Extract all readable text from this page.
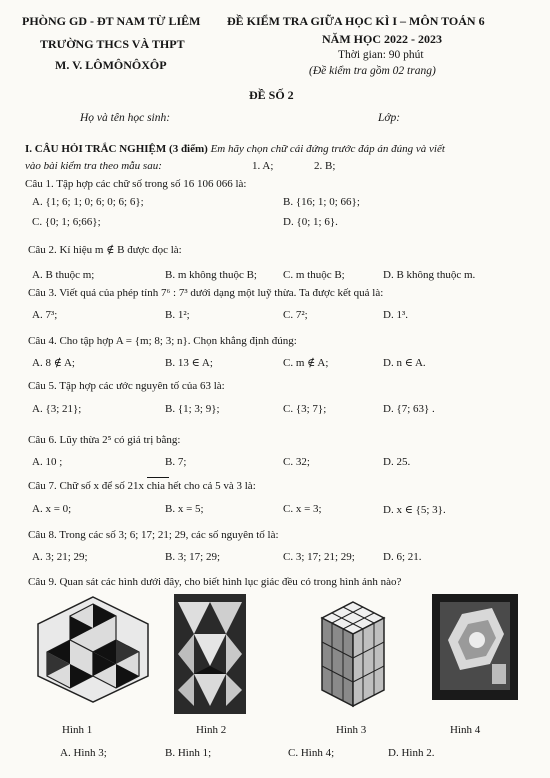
PHÒNG GD - ĐT NAM TỪ LIÊM
TRƯỜNG THCS VÀ THPT
M. V. LÔMÔNÔXÔP
ĐỀ KIỂM TRA GIỮA HỌC KÌ I – MÔN TOÁN 6
NĂM HỌC 2022 - 2023
Thời gian: 90 phút
(Đề kiểm tra gồm 02 trang)
ĐỀ SỐ 2
Họ và tên học sinh:	Lớp:
I. CÂU HỎI TRẮC NGHIỆM (3 điểm) Em hãy chọn chữ cái đứng trước đáp án đúng và viết
vào bài kiểm tra theo mẫu sau:	1. A;	2. B;
Câu 1. Tập hợp các chữ số trong số 16 106 066 là:
A. {1; 6; 1; 0; 6; 0; 6; 6};	B. {16; 1; 0; 66};
C. {0; 1; 6;66};	D. {0; 1; 6}.
Câu 2. Kí hiệu m ∉ B được đọc là:
A. B thuộc m;	B. m không thuộc B; C. m thuộc B;	D. B không thuộc m.
Câu 3. Viết quả của phép tính 7⁶ : 7³ dưới dạng một luỹ thừa. Ta được kết quả là:
A. 7³;	B. 1²;	C. 7²;	D. 1³.
Câu 4. Cho tập hợp A = {m; 8; 3; n}. Chọn khẳng định đúng:
A. 8 ∉ A;	B. 13 ∈ A;	C. m ∉ A;	D. n ∈ A.
Câu 5. Tập hợp các ước nguyên tố của 63 là:
A. {3; 21};	B. {1; 3; 9};	C. {3; 7};	D. {7; 63} .
Câu 6. Lũy thừa 2⁵ có giá trị bằng:
A. 10 ;	B. 7;	C. 32;	D. 25.
Câu 7. Chữ số x để số 21x chia hết cho cả 5 và 3 là:
A. x = 0;	B. x = 5;	C. x = 3;	D. x ∈ {5; 3}.
Câu 8. Trong các số 3; 6; 17; 21; 29, các số nguyên tố là:
A. 3; 21; 29;	B. 3; 17; 29;	C. 3; 17; 21; 29;	D. 6; 21.
Câu 9. Quan sát các hình dưới đây, cho biết hình lục giác đều có trong hình ảnh nào?
Hình 1	Hình 2	Hình 3	Hình 4
A. Hình 3;	B. Hình 1;	C. Hình 4;	D. Hình 2.
